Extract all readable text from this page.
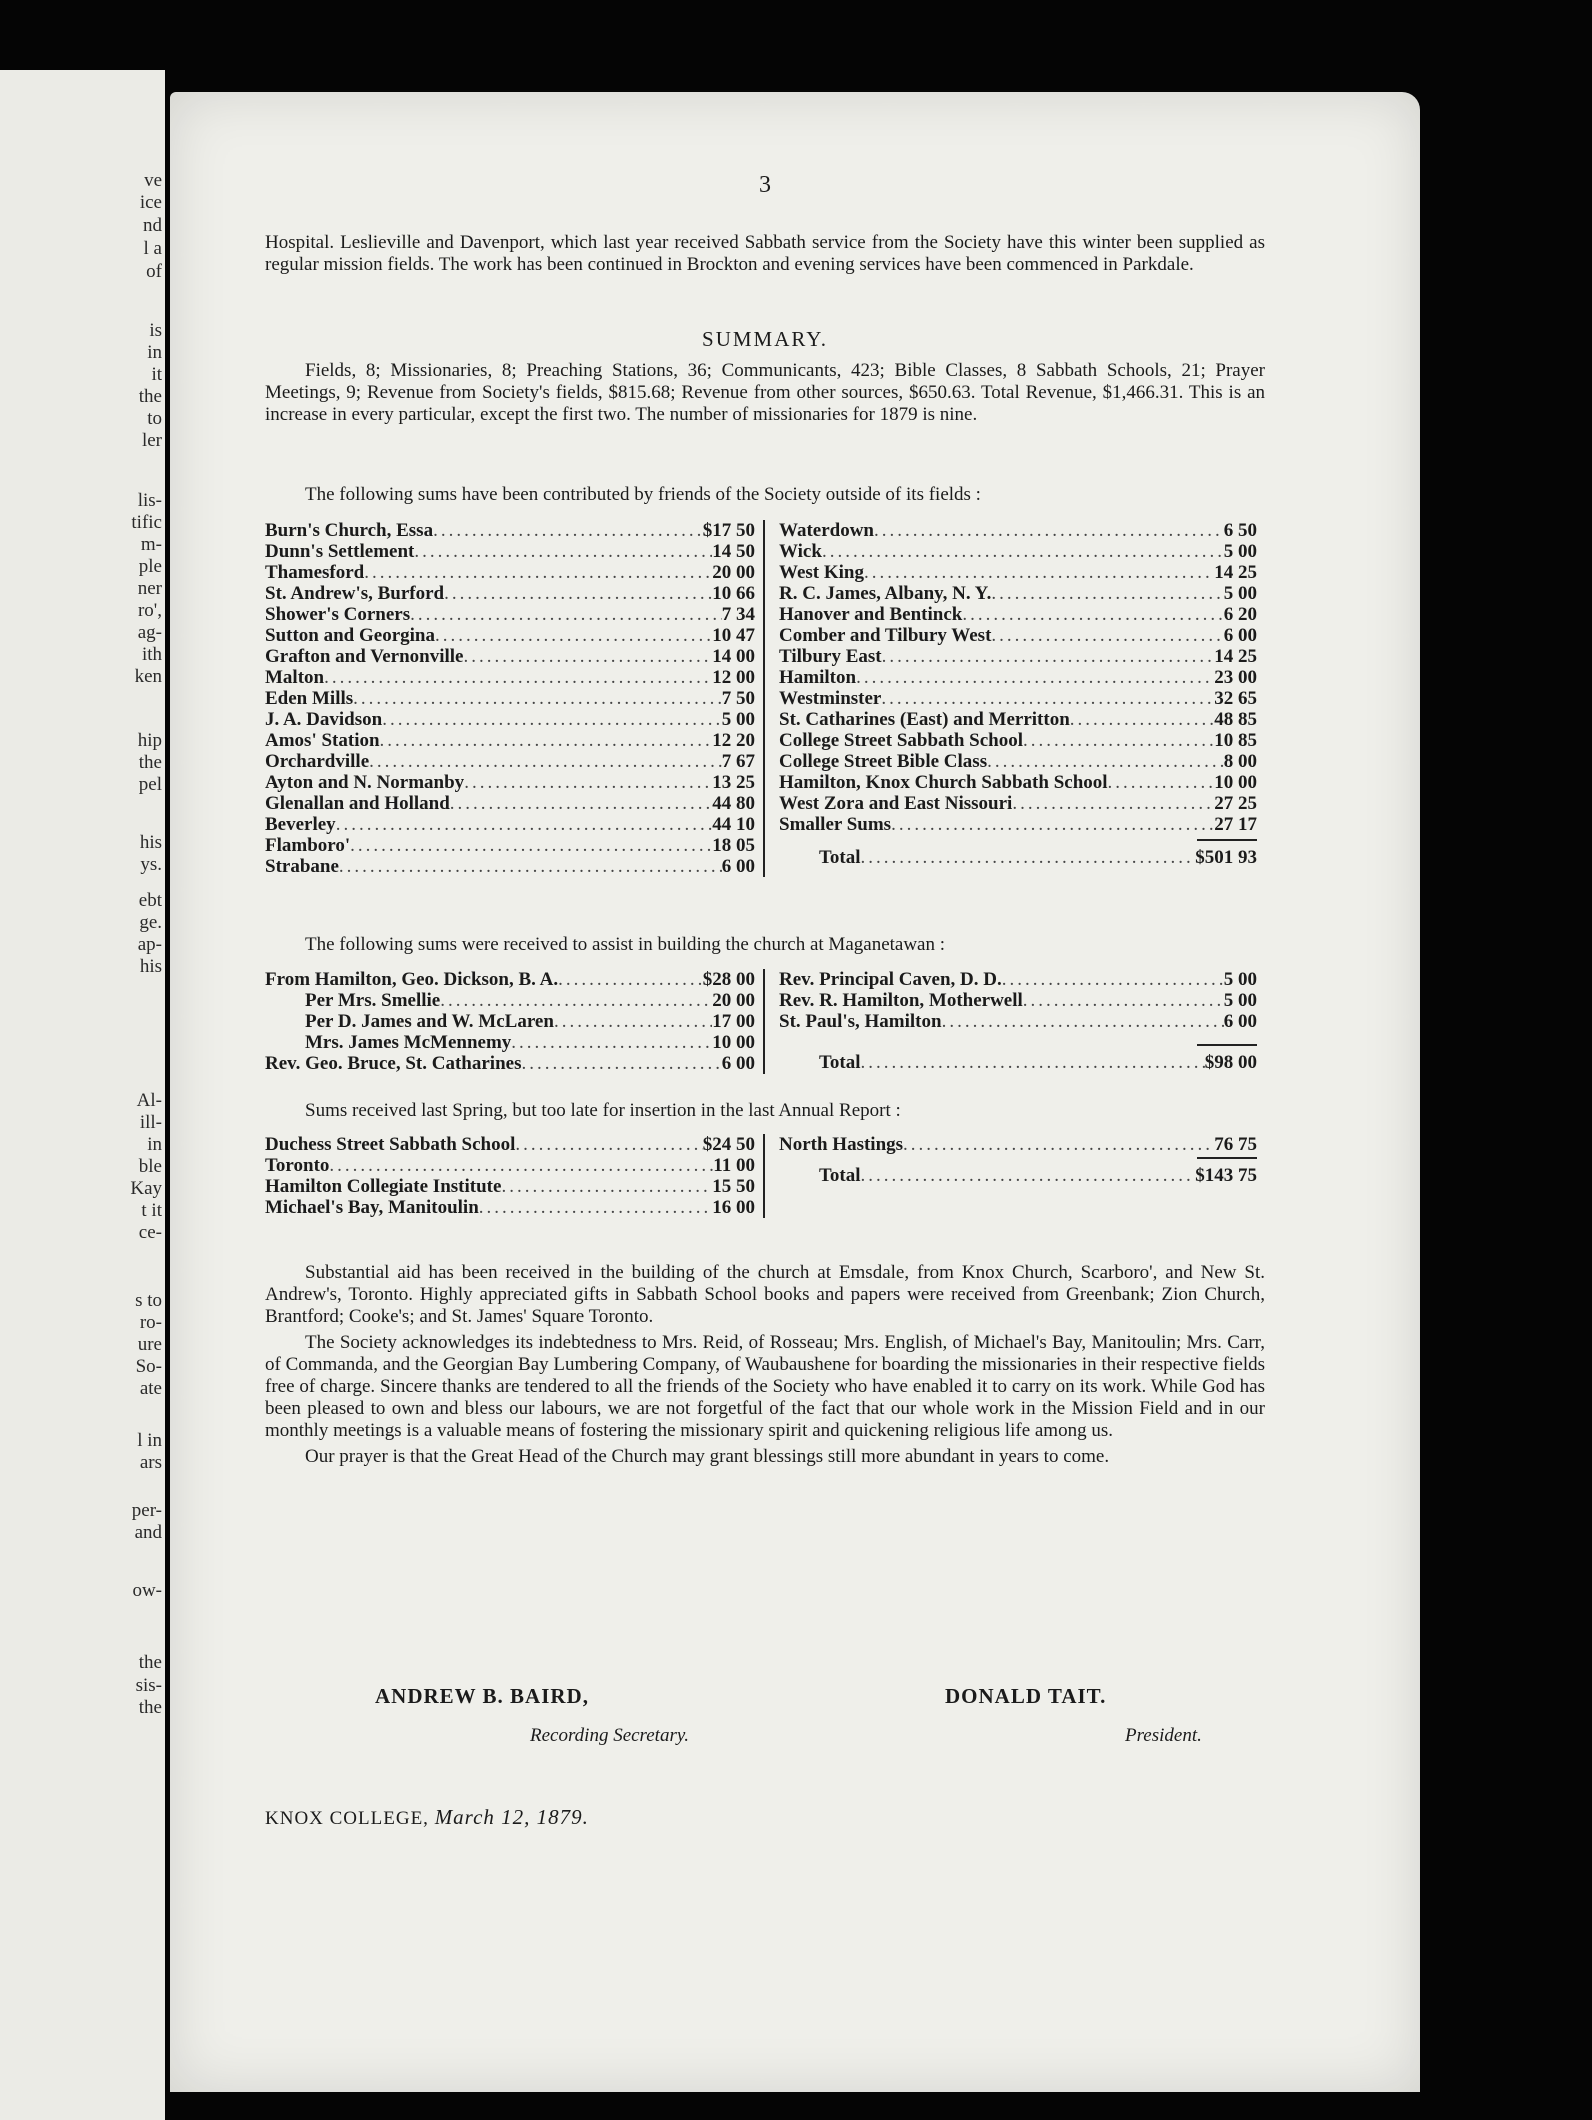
ve
ice
nd
l a
of
is
in
it
the
to
ler
lis-
tific
m-
ple
ner
ro',
ag-
ith
ken
hip
the
pel
his
ys.
ebt
ge.
ap-
his
Al-
ill-
in
ble
Kay
t it
ce-
s to
ro-
ure
So-
ate
l in
ars
per-
and
ow-
the
sis-
the
3

Hospital. Leslieville and Davenport, which last year received Sabbath service from the Society have this winter been supplied as regular mission fields. The work has been continued in Brockton and evening services have been commenced in Parkdale.

SUMMARY.

Fields, 8; Missionaries, 8; Preaching Stations, 36; Communicants, 423; Bible Classes, 8 Sabbath Schools, 21; Prayer Meetings, 9; Revenue from Society's fields, $815.68; Revenue from other sources, $650.63. Total Revenue, $1,466.31. This is an increase in every particular, except the first two. The number of missionaries for 1879 is nine.

The following sums have been contributed by friends of the Society outside of its fields :
Burn's Church, Essa .....	$17 50
Dunn's Settlement .....	14 50
Thamesford .....	20 00
St. Andrew's, Burford .....	10 66
Shower's Corners .....	7 34
Sutton and Georgina .....	10 47
Grafton and Vernonville .....	14 00
Malton .....	12 00
Eden Mills .....	7 50
J. A. Davidson .....	5 00
Amos' Station .....	12 20
Orchardville .....	7 67
Ayton and N. Normanby .....	13 25
Glenallan and Holland .....	44 80
Beverley .....	44 10
Flamboro' .....	18 05
Strabane .....	6 00
Waterdown .....	6 50
Wick .....	5 00
West King .....	14 25
R. C. James, Albany, N. Y. .....	5 00
Hanover and Bentinck .....	6 20
Comber and Tilbury West .....	6 00
Tilbury East .....	14 25
Hamilton .....	23 00
Westminster .....	32 65
St. Catharines (East) and Merritton .....	48 85
College Street Sabbath School .....	10 85
College Street Bible Class .....	8 00
Hamilton, Knox Church Sabbath School .....	10 00
West Zora and East Nissouri .....	27 25
Smaller Sums .....	27 17
Total .....	$501 93
The following sums were received to assist in building the church at Maganetawan :
From Hamilton, Geo. Dickson, B. A. .....	$28 00
Per Mrs. Smellie .....	20 00
Per D. James and W. McLaren .....	17 00
Mrs. James McMennemy .....	10 00
Rev. Geo. Bruce, St. Catharines .....	6 00
Rev. Principal Caven, D. D. .....	5 00
Rev. R. Hamilton, Motherwell .....	5 00
St. Paul's, Hamilton .....	6 00
Total .....	$98 00
Sums received last Spring, but too late for insertion in the last Annual Report :
Duchess Street Sabbath School .....	$24 50
Toronto .....	11 00
Hamilton Collegiate Institute .....	15 50
Michael's Bay, Manitoulin .....	16 00
North Hastings .....	76 75
Total .....	$143 75

Substantial aid has been received in the building of the church at Emsdale, from Knox Church, Scarboro', and New St. Andrew's, Toronto. Highly appreciated gifts in Sabbath School books and papers were received from Greenbank; Zion Church, Brantford; Cooke's; and St. James' Square Toronto.

The Society acknowledges its indebtedness to Mrs. Reid, of Rosseau; Mrs. English, of Michael's Bay, Manitoulin; Mrs. Carr, of Commanda, and the Georgian Bay Lumbering Company, of Waubaushene for boarding the missionaries in their respective fields free of charge. Sincere thanks are tendered to all the friends of the Society who have enabled it to carry on its work. While God has been pleased to own and bless our labours, we are not forgetful of the fact that our whole work in the Mission Field and in our monthly meetings is a valuable means of fostering the missionary spirit and quickening religious life among us.

Our prayer is that the Great Head of the Church may grant blessings still more abundant in years to come.

ANDREW B. BAIRD,
Recording Secretary.
DONALD TAIT.
President.
KNOX COLLEGE, March 12, 1879.
